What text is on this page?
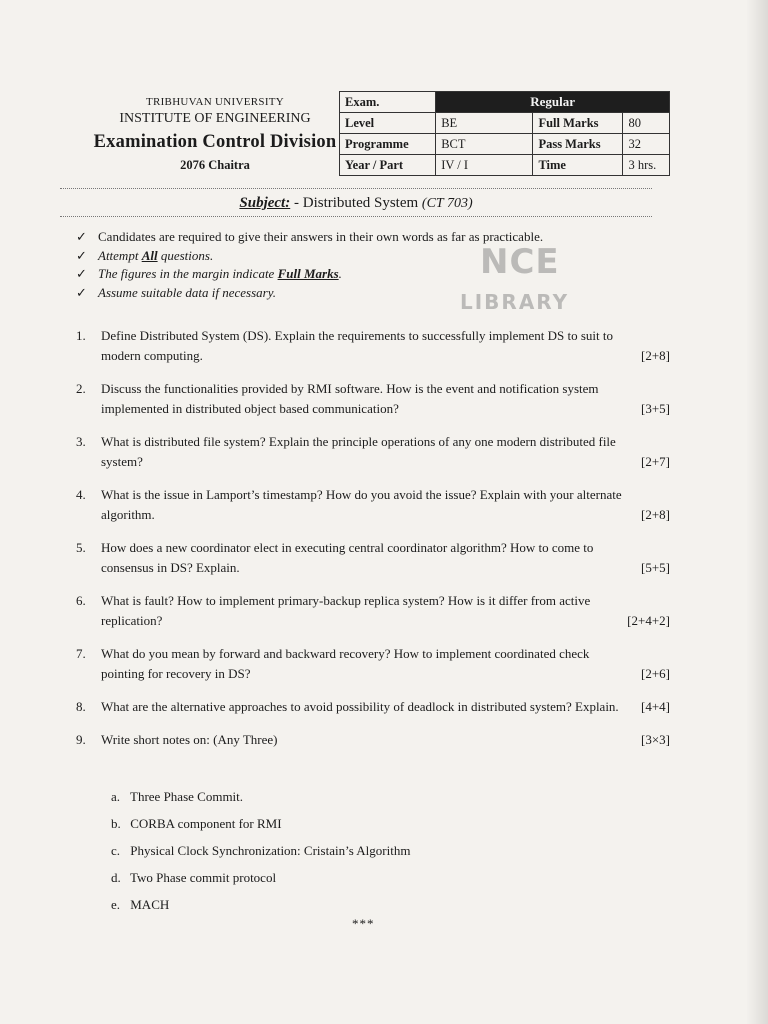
TRIBHUVAN UNIVERSITY
INSTITUTE OF ENGINEERING
Examination Control Division
2076 Chaitra
Exam.	Regular		
Level	BE	Full Marks	80
Programme	BCT	Pass Marks	32
Year / Part	IV / I	Time	3 hrs.
Subject: - Distributed System (CT 703)
✓ Candidates are required to give their answers in their own words as far as practicable.
✓ Attempt All questions.
✓ The figures in the margin indicate Full Marks.
✓ Assume suitable data if necessary.
NCE
LIBRARY
1.	Define Distributed System (DS). Explain the requirements to successfully implement DS to suit to modern computing.	[2+8]
2.	Discuss the functionalities provided by RMI software. How is the event and notification system implemented in distributed object based communication?	[3+5]
3.	What is distributed file system? Explain the principle operations of any one modern distributed file system?	[2+7]
4.	What is the issue in Lamport’s timestamp? How do you avoid the issue? Explain with your alternate algorithm.	[2+8]
5.	How does a new coordinator elect in executing central coordinator algorithm? How to come to consensus in DS? Explain.	[5+5]
6.	What is fault? How to implement primary-backup replica system? How is it differ from active replication?	[2+4+2]
7.	What do you mean by forward and backward recovery? How to implement coordinated check pointing for recovery in DS?	[2+6]
8.	What are the alternative approaches to avoid possibility of deadlock in distributed system? Explain.	[4+4]
9.	Write short notes on: (Any Three)	[3×3]
a. Three Phase Commit.
b. CORBA component for RMI
c. Physical Clock Synchronization: Cristain’s Algorithm
d. Two Phase commit protocol
e. MACH
***
